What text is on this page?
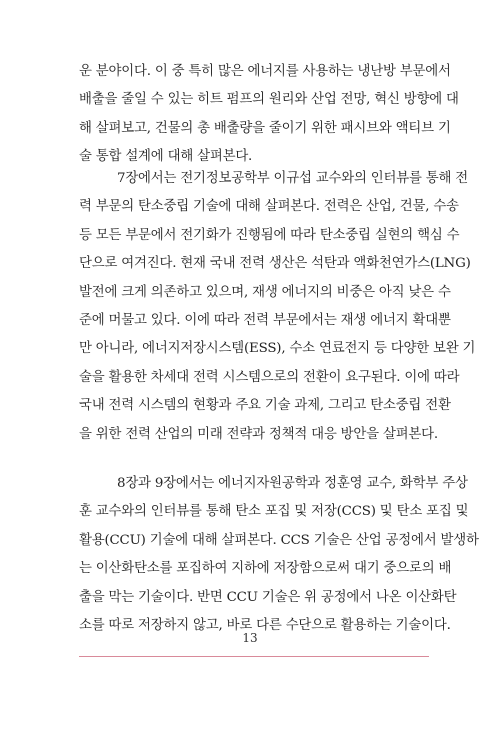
운 분야이다. 이 중 특히 많은 에너지를 사용하는 냉난방 부문에서
배출을 줄일 수 있는 히트 펌프의 원리와 산업 전망, 혁신 방향에 대
해 살펴보고, 건물의 총 배출량을 줄이기 위한 패시브와 액티브 기
술 통합 설계에 대해 살펴본다.
7장에서는 전기정보공학부 이규섭 교수와의 인터뷰를 통해 전
력 부문의 탄소중립 기술에 대해 살펴본다. 전력은 산업, 건물, 수송
등 모든 부문에서 전기화가 진행됨에 따라 탄소중립 실현의 핵심 수
단으로 여겨진다. 현재 국내 전력 생산은 석탄과 액화천연가스(LNG)
발전에 크게 의존하고 있으며, 재생 에너지의 비중은 아직 낮은 수
준에 머물고 있다. 이에 따라 전력 부문에서는 재생 에너지 확대뿐
만 아니라, 에너지저장시스템(ESS), 수소 연료전지 등 다양한 보완 기
술을 활용한 차세대 전력 시스템으로의 전환이 요구된다. 이에 따라
국내 전력 시스템의 현황과 주요 기술 과제, 그리고 탄소중립 전환
을 위한 전력 산업의 미래 전략과 정책적 대응 방안을 살펴본다.
8장과 9장에서는 에너지자원공학과 정훈영 교수, 화학부 주상
훈 교수와의 인터뷰를 통해 탄소 포집 및 저장(CCS) 및 탄소 포집 및
활용(CCU) 기술에 대해 살펴본다. CCS 기술은 산업 공정에서 발생하
는 이산화탄소를 포집하여 지하에 저장함으로써 대기 중으로의 배
출을 막는 기술이다. 반면 CCU 기술은 위 공정에서 나온 이산화탄
소를 따로 저장하지 않고, 바로 다른 수단으로 활용하는 기술이다.
13
